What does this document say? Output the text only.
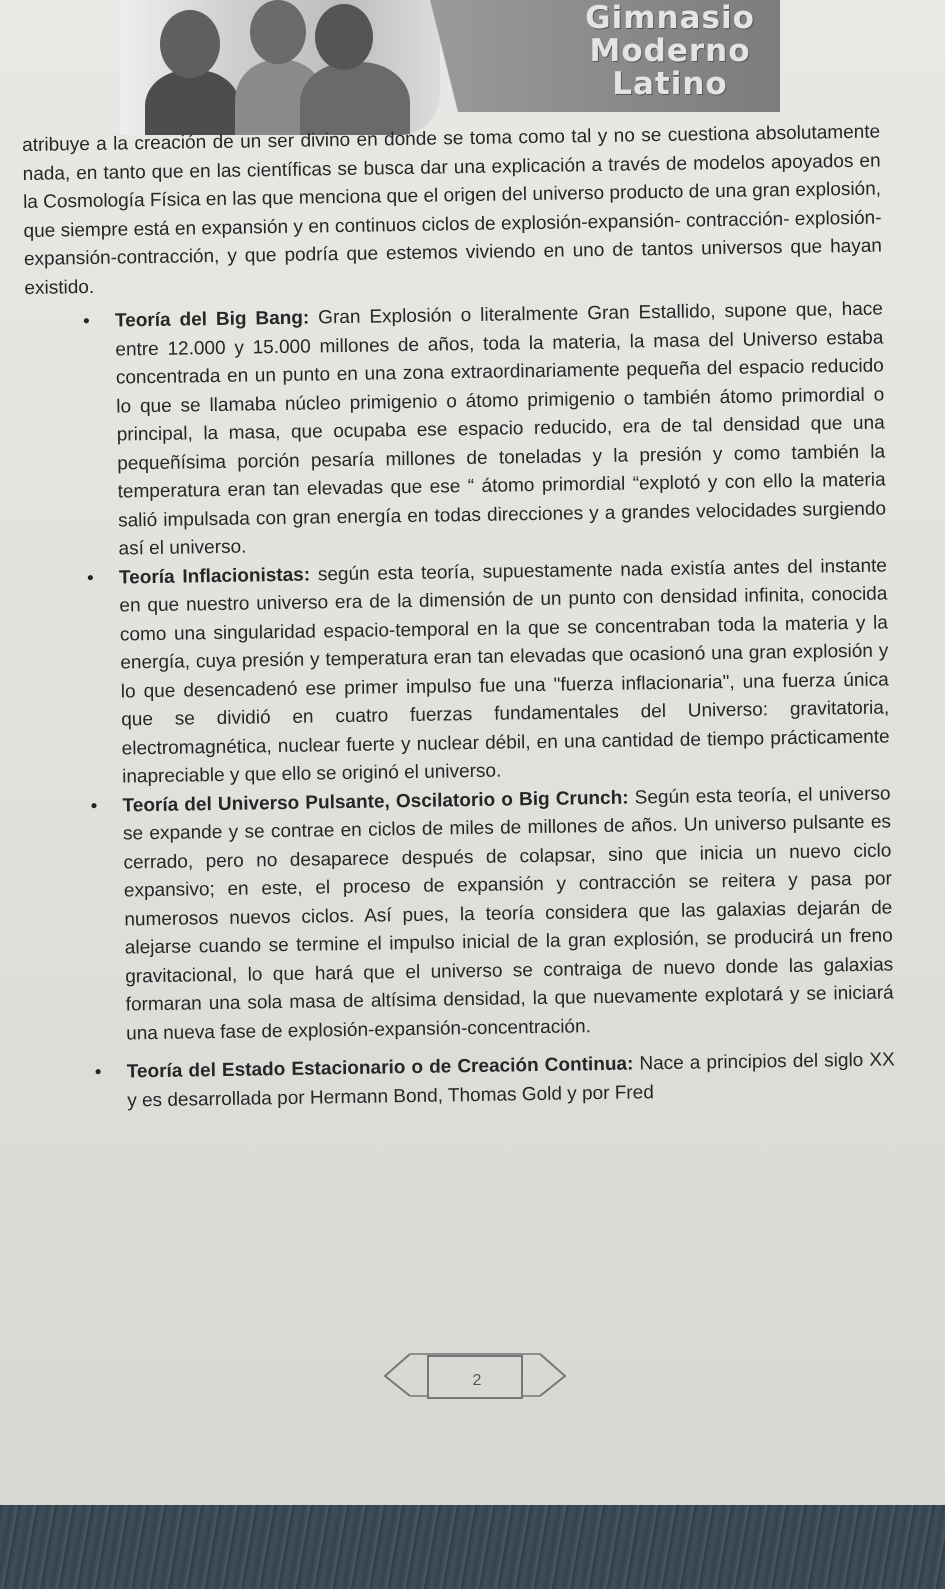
Gimnasio
Moderno
Latino

atribuye a la creación de un ser divino en donde se toma como tal y no se cuestiona absolutamente nada, en tanto que en las científicas se busca dar una explicación a través de modelos apoyados en la Cosmología Física en las que menciona que el origen del universo producto de una gran explosión, que siempre está en expansión y en continuos ciclos de explosión-expansión- contracción- explosión-expansión-contracción, y que podría que estemos viviendo en uno de tantos universos que hayan existido.

• Teoría del Big Bang: Gran Explosión o literalmente Gran Estallido, supone que, hace entre 12.000 y 15.000 millones de años, toda la materia, la masa del Universo estaba concentrada en un punto en una zona extraordinariamente pequeña del espacio reducido lo que se llamaba núcleo primigenio o átomo primigenio o también átomo primordial o principal, la masa, que ocupaba ese espacio reducido, era de tal densidad que una pequeñísima porción pesaría millones de toneladas y la presión y como también la temperatura eran tan elevadas que ese “ átomo primordial “explotó y con ello la materia salió impulsada con gran energía en todas direcciones y a grandes velocidades surgiendo así el universo.
• Teoría Inflacionistas: según esta teoría, supuestamente nada existía antes del instante en que nuestro universo era de la dimensión de un punto con densidad infinita, conocida como una singularidad espacio-temporal en la que se concentraban toda la materia y la energía, cuya presión y temperatura eran tan elevadas que ocasionó una gran explosión y lo que desencadenó ese primer impulso fue una "fuerza inflacionaria", una fuerza única que se dividió en cuatro fuerzas fundamentales del Universo: gravitatoria, electromagnética, nuclear fuerte y nuclear débil, en una cantidad de tiempo prácticamente inapreciable y que ello se originó el universo.
• Teoría del Universo Pulsante, Oscilatorio o Big Crunch: Según esta teoría, el universo se expande y se contrae en ciclos de miles de millones de años. Un universo pulsante es cerrado, pero no desaparece después de colapsar, sino que inicia un nuevo ciclo expansivo; en este, el proceso de expansión y contracción se reitera y pasa por numerosos nuevos ciclos. Así pues, la teoría considera que las galaxias dejarán de alejarse cuando se termine el impulso inicial de la gran explosión, se producirá un freno gravitacional, lo que hará que el universo se contraiga de nuevo donde las galaxias formaran una sola masa de altísima densidad, la que nuevamente explotará y se iniciará una nueva fase de explosión-expansión-concentración.
• Teoría del Estado Estacionario o de Creación Continua: Nace a principios del siglo XX y es desarrollada por Hermann Bond, Thomas Gold y por Fred
2
